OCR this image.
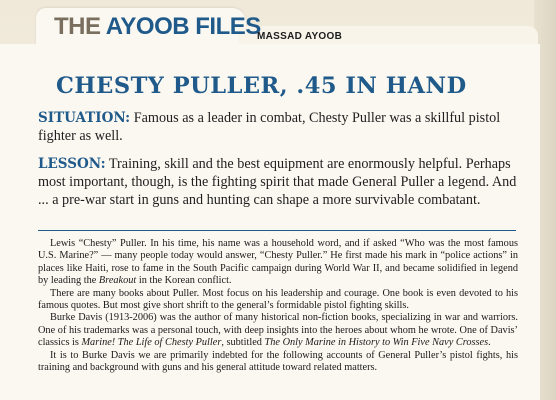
THE AYOOB FILES
MASSAD AYOOB
CHESTY PULLER, .45 IN HAND
SITUATION: Famous as a leader in combat, Chesty Puller was a skillful pistol fighter as well.
LESSON: Training, skill and the best equipment are enormously helpful. Perhaps most important, though, is the fighting spirit that made General Puller a legend. And ... a pre-war start in guns and hunting can shape a more survivable combatant.

Lewis “Chesty” Puller. In his time, his name was a household word, and if asked “Who was the most famous U.S. Marine?” — many people today would answer, “Chesty Puller.” He first made his mark in “police actions” in places like Haiti, rose to fame in the South Pacific campaign during World War II, and became solidified in legend by leading the Breakout in the Korean conflict.

There are many books about Puller. Most focus on his leadership and courage. One book is even devoted to his famous quotes. But most give short shrift to the general’s formidable pistol fighting skills.

Burke Davis (1913-2006) was the author of many historical non-fiction books, specializing in war and warriors. One of his trademarks was a personal touch, with deep insights into the heroes about whom he wrote. One of Davis’ classics is Marine! The Life of Chesty Puller, subtitled The Only Marine in History to Win Five Navy Crosses.

It is to Burke Davis we are primarily indebted for the following accounts of General Puller’s pistol fights, his training and background with guns and his general attitude toward related matters.
